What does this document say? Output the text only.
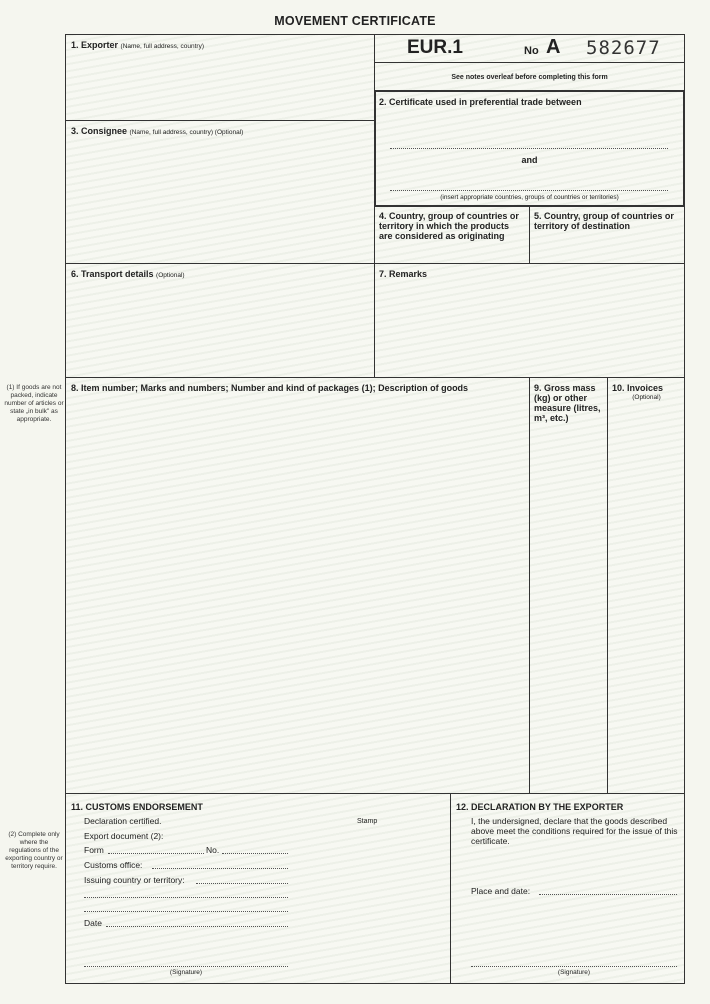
MOVEMENT CERTIFICATE
(1) If goods are not packed, indicate number of articles or state „in bulk" as appropriate.
(2) Complete only where the regulations of the exporting country or territory require.
1. Exporter (Name, full address, country)	EUR.1	No A 582677
See notes overleaf before completing this form
2. Certificate used in preferential trade between
and
(insert appropriate countries, groups of countries or territories)
3. Consignee (Name, full address, country) (Optional)
4. Country, group of countries or territory in which the products are considered as originating
5. Country, group of countries or territory of destination
6. Transport details (Optional)	7. Remarks
8. Item number; Marks and numbers; Number and kind of packages (1); Description of goods	9. Gross mass (kg) or other measure (litres, m³, etc.)
10. Invoices
(Optional)
11. CUSTOMS ENDORSEMENT
Declaration certified.	Stamp
Export document (2):
Form	No.
Customs office:
Issuing country or territory:
Date
(Signature)
12. DECLARATION BY THE EXPORTER
I, the undersigned, declare that the goods described above meet the conditions required for the issue of this certificate.
Place and date:
(Signature)
